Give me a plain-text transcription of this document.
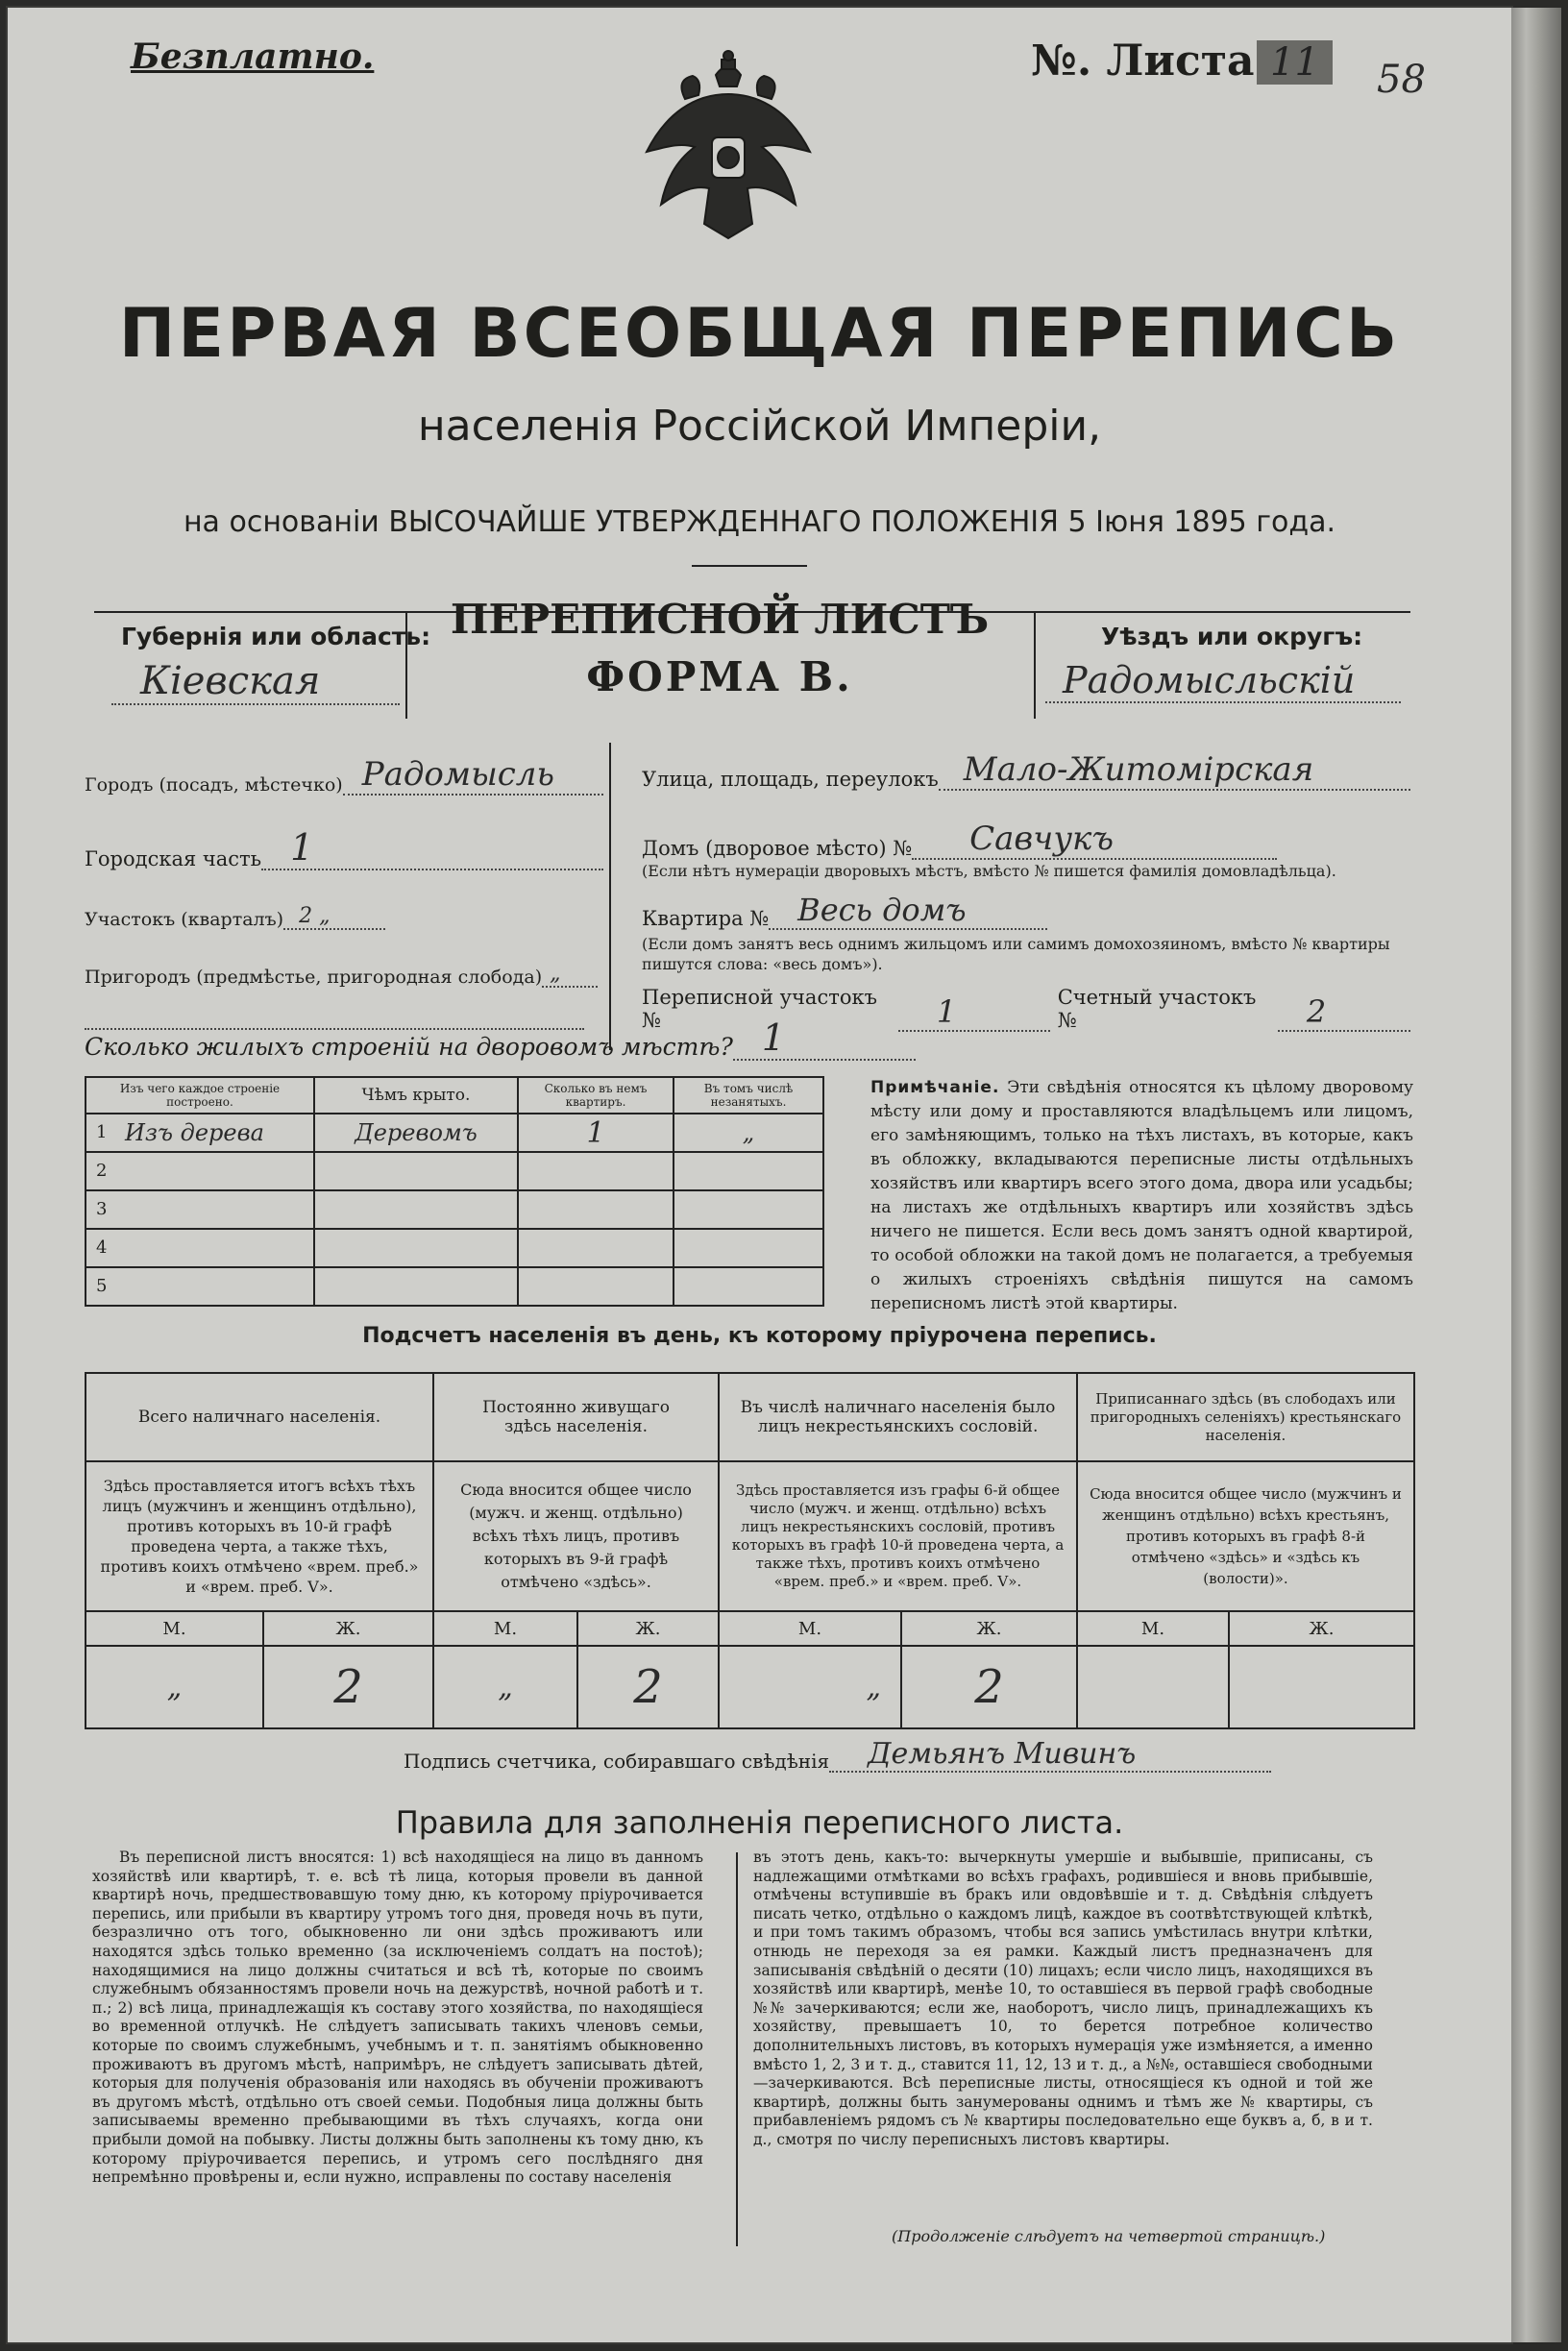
Безплатно.	№. Листа 11	58
ПЕРВАЯ ВСЕОБЩАЯ ПЕРЕПИСЬ
населенія Россійской Имперіи,
на основаніи ВЫСОЧАЙШЕ УТВЕРЖДЕННАГО ПОЛОЖЕНІЯ 5 Іюня 1895 года.
Губернія или область:
Кіевская
ПЕРЕПИСНОЙ ЛИСТЪ
ФОРМА В.
Уѣздъ или округъ:
Радомысльскій
Городъ (посадъ, мѣстечко) Радомысль
Городская часть 1
Участокъ (кварталъ) 2 „
Пригородъ (предмѣстье, пригородная слобода) „
Улица, площадь, переулокъ Мало-Житомірская
Домъ (дворовое мѣсто) №	Савчукъ
(Если нѣтъ нумераціи дворовыхъ мѣстъ, вмѣсто № пишется фамилія домовладѣльца).
Квартира № Весь домъ
(Если домъ занятъ весь однимъ жильцомъ или самимъ домохозяиномъ, вмѣсто № квартиры пишутся слова: «весь домъ»).
Переписной участокъ №	1	Счетный участокъ №	2
Сколько жилыхъ строеній на дворовомъ мѣстѣ? 1
Изъ чего каждое строеніе построено.	Чѣмъ крыто.	Сколько въ немъ квартиръ.	Въ томъ числѣ незанятыхъ.

1 Изъ дерева	Деревомъ	1	„

2			

3			

4			

5			

Примѣчаніе. Эти свѣдѣнія относятся къ цѣлому двоpовому мѣсту или дому и проставляются владѣльцемъ или лицомъ, его замѣняющимъ, только на тѣхъ листахъ, въ которые, какъ въ обложку, вкладываются переписные листы отдѣльныхъ хозяйствъ или квартиръ всего этого дома, двора или усадьбы; на листахъ же отдѣльныхъ квартиръ или хозяйствъ здѣсь ничего не пишется. Если весь домъ занятъ одной квартирой, то особой обложки на такой домъ не полагается, а требуемыя о жилыхъ строеніяхъ свѣдѣнія пишутся на самомъ переписномъ листѣ этой квартиры.
Подсчетъ населенія въ день, къ которому пріурочена перепись.
Всего наличнаго населенія.		Постоянно живущаго здѣсь населенія.		Въ числѣ наличнаго населенія было лицъ некрестьянскихъ сословій.		Приписаннаго здѣсь (въ слободахъ или пригородныхъ селеніяхъ) крестьянскаго населенія.	
Здѣсь проставляется итогъ всѣхъ тѣхъ лицъ (мужчинъ и женщинъ отдѣльно), противъ которыхъ въ 10-й графѣ проведена черта, а также тѣхъ, противъ коихъ отмѣчено «врем. преб.» и «врем. преб. V».		Сюда вносится общее число (мужч. и женщ. отдѣльно) всѣхъ тѣхъ лицъ, противъ которыхъ въ 9-й графѣ отмѣчено «здѣсь».		Здѣсь проставляется изъ графы 6-й общее число (мужч. и женщ. отдѣльно) всѣхъ лицъ некрестьянскихъ сословій, противъ которыхъ въ графѣ 10-й проведена черта, а также тѣхъ, противъ коихъ отмѣчено «врем. преб.» и «врем. преб. V».		Сюда вносится общее число (мужчинъ и женщинъ отдѣльно) всѣхъ крестьянъ, противъ которыхъ въ графѣ 8-й отмѣчено «здѣсь» и «здѣсь къ (волости)».	
М.	Ж.	М.	Ж.	М.	Ж.	М.	Ж.
„	2	„	2	„	2		
Подпись счетчика, собиравшаго свѣдѣнія	Демьянъ Мивинъ
Правила для заполненія переписного листа.
Въ переписной листъ вносятся: 1) всѣ находящіеся на лицо въ данномъ хозяйствѣ или квартирѣ, т. е. всѣ тѣ лица, которыя провели въ данной квартирѣ ночь, предшествовавшую тому дню, къ которому пріурочивается перепись, или прибыли въ квартиру утромъ того дня, проведя ночь въ пути, безразлично отъ того, обыкновенно ли они здѣсь проживаютъ или находятся здѣсь только временно (за исключеніемъ солдатъ на постоѣ); находящимися на лицо должны считаться и всѣ тѣ, которые по своимъ служебнымъ обязанностямъ провели ночь на дежурствѣ, ночной работѣ и т. п.; 2) всѣ лица, принадлежащія къ составу этого хозяйства, по находящіеся во временной отлучкѣ. Не слѣдуетъ записывать такихъ членовъ семьи, которые по своимъ служебнымъ, учебнымъ и т. п. занятіямъ обыкновенно проживаютъ въ другомъ мѣстѣ, напримѣръ, не слѣдуетъ записывать дѣтей, которыя для полученія образованія или находясь въ обученіи проживаютъ въ другомъ мѣстѣ, отдѣльно отъ своей семьи. Подобныя лица должны быть записываемы временно пребывающими въ тѣхъ случаяхъ, когда они прибыли домой на побывку. Листы должны быть заполнены къ тому дню, къ которому пріурочивается перепись, и утромъ сего послѣдняго дня непремѣнно провѣрены и, если нужно, исправлены по составу населенія
въ этотъ день, какъ-то: вычеркнуты умершіе и выбывшіе, приписаны, съ надлежащими отмѣтками во всѣхъ графахъ, родившіеся и вновь прибывшіе, отмѣчены вступившіе въ бракъ или овдовѣвшіе и т. д. Свѣдѣнія слѣдуетъ писать четко, отдѣльно о каждомъ лицѣ, каждое въ соотвѣтствующей клѣткѣ, и при томъ такимъ образомъ, чтобы вся запись умѣстилась внутри клѣтки, отнюдь не переходя за ея рамки. Каждый листъ предназначенъ для записыванія свѣдѣній о десяти (10) лицахъ; если число лицъ, находящихся въ хозяйствѣ или квартирѣ, менѣе 10, то оставшіеся въ первой графѣ свободные №№ зачеркиваются; если же, наоборотъ, число лицъ, принадлежащихъ къ хозяйству, превышаетъ 10, то берется потребное количество дополнительныхъ листовъ, въ которыхъ нумерація уже измѣняется, а именно вмѣсто 1, 2, 3 и т. д., ставится 11, 12, 13 и т. д., а №№, оставшіеся свободными—зачеркиваются. Всѣ переписные листы, относящіеся къ одной и той же квартирѣ, должны быть занумерованы однимъ и тѣмъ же № квартиры, съ прибавленіемъ рядомъ съ № квартиры последовательно еще буквъ а, б, в и т. д., смотря по числу переписныхъ листовъ квартиры.
(Продолженіе слѣдуетъ на четвертой страницѣ.)
